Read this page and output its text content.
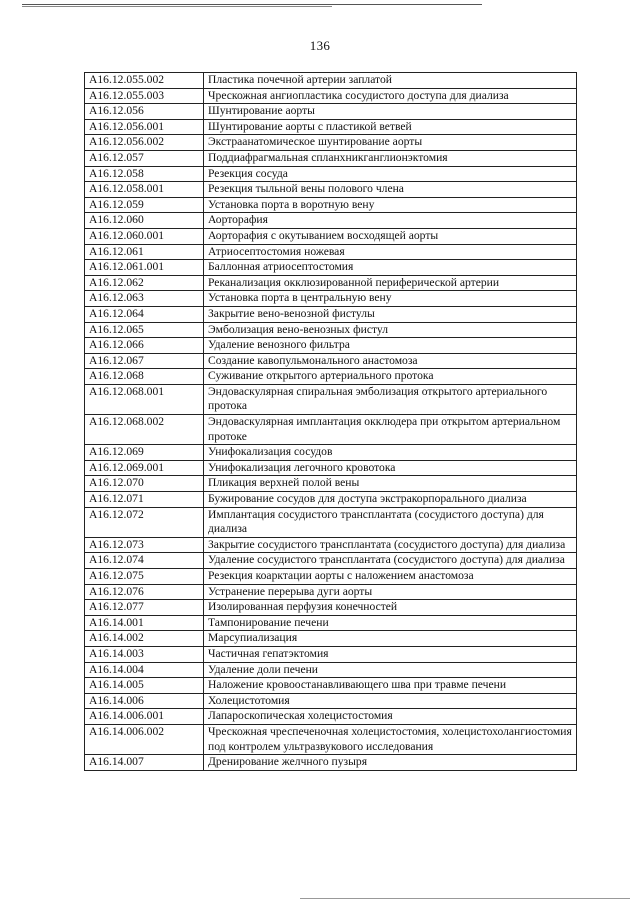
136
A16.12.055.002	Пластика почечной артерии заплатой
A16.12.055.003	Чрескожная ангиопластика сосудистого доступа для диализа
A16.12.056	Шунтирование аорты
A16.12.056.001	Шунтирование аорты с пластикой ветвей
A16.12.056.002	Экстраанатомическое шунтирование аорты
A16.12.057	Поддиафрагмальная спланхникганглионэктомия
A16.12.058	Резекция сосуда
A16.12.058.001	Резекция тыльной вены полового члена
A16.12.059	Установка порта в воротную вену
A16.12.060	Аорторафия
A16.12.060.001	Аорторафия с окутыванием восходящей аорты
A16.12.061	Атриосептостомия ножевая
A16.12.061.001	Баллонная атриосептостомия
A16.12.062	Реканализация окклюзированной периферической артерии
A16.12.063	Установка порта в центральную вену
A16.12.064	Закрытие вено-венозной фистулы
A16.12.065	Эмболизация вено-венозных фистул
A16.12.066	Удаление венозного фильтра
A16.12.067	Создание кавопульмонального анастомоза
A16.12.068	Суживание открытого артериального протока
A16.12.068.001	Эндоваскулярная спиральная эмболизация открытого артериального протока
A16.12.068.002	Эндоваскулярная имплантация окклюдера при открытом артериальном протоке
A16.12.069	Унифокализация сосудов
A16.12.069.001	Унифокализация легочного кровотока
A16.12.070	Пликация верхней полой вены
A16.12.071	Бужирование сосудов для доступа экстракорпорального диализа
A16.12.072	Имплантация сосудистого трансплантата (сосудистого доступа) для диализа
A16.12.073	Закрытие сосудистого трансплантата (сосудистого доступа) для диализа
A16.12.074	Удаление сосудистого трансплантата (сосудистого доступа) для диализа
A16.12.075	Резекция коарктации аорты с наложением анастомоза
A16.12.076	Устранение перерыва дуги аорты
A16.12.077	Изолированная перфузия конечностей
A16.14.001	Тампонирование печени
A16.14.002	Марсупиализация
A16.14.003	Частичная гепатэктомия
A16.14.004	Удаление доли печени
A16.14.005	Наложение кровоостанавливающего шва при травме печени
A16.14.006	Холецистотомия
A16.14.006.001	Лапароскопическая холецистостомия
A16.14.006.002	Чрескожная чреспеченочная холецистостомия, холецистохолангиостомия под контролем ультразвукового исследования
A16.14.007	Дренирование желчного пузыря
